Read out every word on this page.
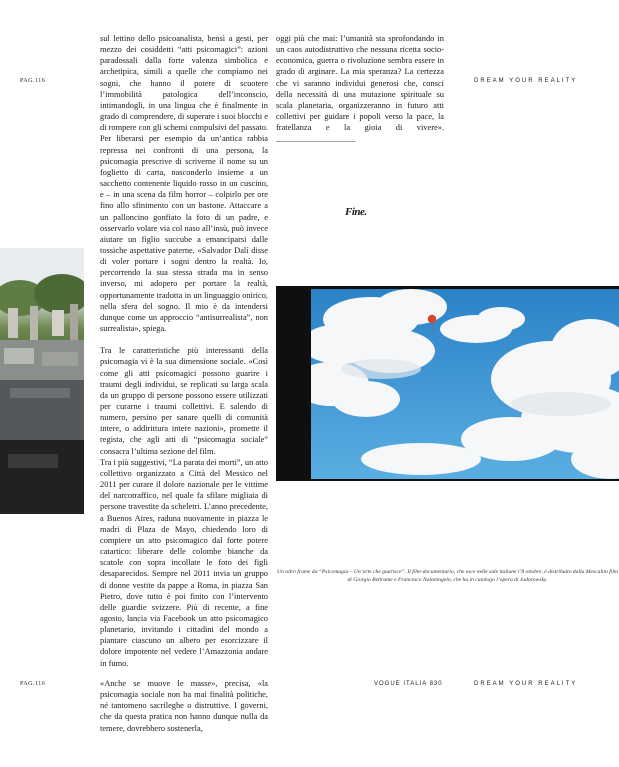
PAG.116	DREAM YOUR REALITY
PAG.116	VOGUE ITALIA 830	DREAM YOUR REALITY

sul lettino dello psicoanalista, bensì a gesti, per mezzo dei cosiddetti “atti psicomagici”: azioni paradossali dalla forte valenza simbolica e archetipica, simili a quelle che compiamo nei sogni, che hanno il potere di scuotere l’immobilità patologica dell’inconscio, intimandogli, in una lingua che è finalmente in grado di comprendere, di superare i suoi blocchi e di rompere con gli schemi compulsivi del passato. Per liberarsi per esempio da un’antica rabbia repressa nei confronti di una persona, la psicomagia prescrive di scriverne il nome su un foglietto di carta, nasconderlo insieme a un sacchetto contenente liquido rosso in un cuscino, e – in una scena da film horror – colpirlo per ore fino allo sfinimento con un bastone. Attaccare a un palloncino gonfiato la foto di un padre, e osservarlo volare via col naso all’insù, può invece aiutare un figlio succube a emanciparsi dalle tossiche aspettative paterne. «Salvador Dalí disse di voler portare i sogni dentro la realtà. Io, percorrendo la sua stessa strada ma in senso inverso, mi adopero per portare la realtà, opportunamente tradotta in un linguaggio onirico, nella sfera del sogno. Il mio è da intendersi dunque come un approccio “antisurrealista”, non surrealista», spiega.

Tra le caratteristiche più interessanti della psicomagia vi è la sua dimensione sociale. «Così come gli atti psicomagici possono guarire i traumi degli individui, se replicati su larga scala da un gruppo di persone possono essere utilizzati per curarne i traumi collettivi. E salendo di numero, persino per sanare quelli di comunità intere, o addirittura intere nazioni», promette il regista, che agli atti di “psicomagia sociale” consacra l’ultima sezione del film.

Tra i più suggestivi, “La parata dei morti”, un atto collettivo organizzato a Città del Messico nel 2011 per curare il dolore nazionale per le vittime del narcotraffico, nel quale fa sfilare migliaia di persone travestite da scheletri. L’anno precedente, a Buenos Aires, raduna nuovamente in piazza le madri di Plaza de Mayo, chiedendo loro di compiere un atto psicomagico dal forte potere catartico: liberare delle colombe bianche da scatole con sopra incollate le foto dei figli desaparecidos. Sempre nel 2011 invia un gruppo di donne vestite da pappe a Roma, in piazza San Pietro, dove tutto è poi finito con l’intervento delle guardie svizzere. Più di recente, a fine agosto, lancia via Facebook un atto psicomagico planetario, invitando i cittadini del mondo a piantare ciascuno un albero per esorcizzare il dolore impotente nel vedere l’Amazzonia andare in fumo.

«Anche se muove le masse», precisa, «la psicomagia sociale non ha mai finalità politiche, né tantomeno sacrileghe o distruttive. I governi, che da questa pratica non hanno dunque nulla da temere, dovrebbero sostenerla,

oggi più che mai: l’umanità sta sprofondando in un caos autodistruttivo che nessuna ricetta socio-economica, guerra o rivoluzione sembra essere in grado di arginare. La mia speranza? La certezza che vi saranno individui generosi che, consci della necessità di una mutazione spirituale su scala planetaria, organizzeranno in futuro atti collettivi per guidare i popoli verso la pace, la fratellanza e la gioia di vivere». ___________________

Fine.
Un altro frame da “Psicomagia – Un’arte che guarisce”. Il film-documentario, che esce nelle sale italiane l’8 ottobre, è distribuito dalla Mescalito film di Giorgio Beltrame e Francesco Notaningelo, che ha in catalogo l’opera di Jodorowsky.
